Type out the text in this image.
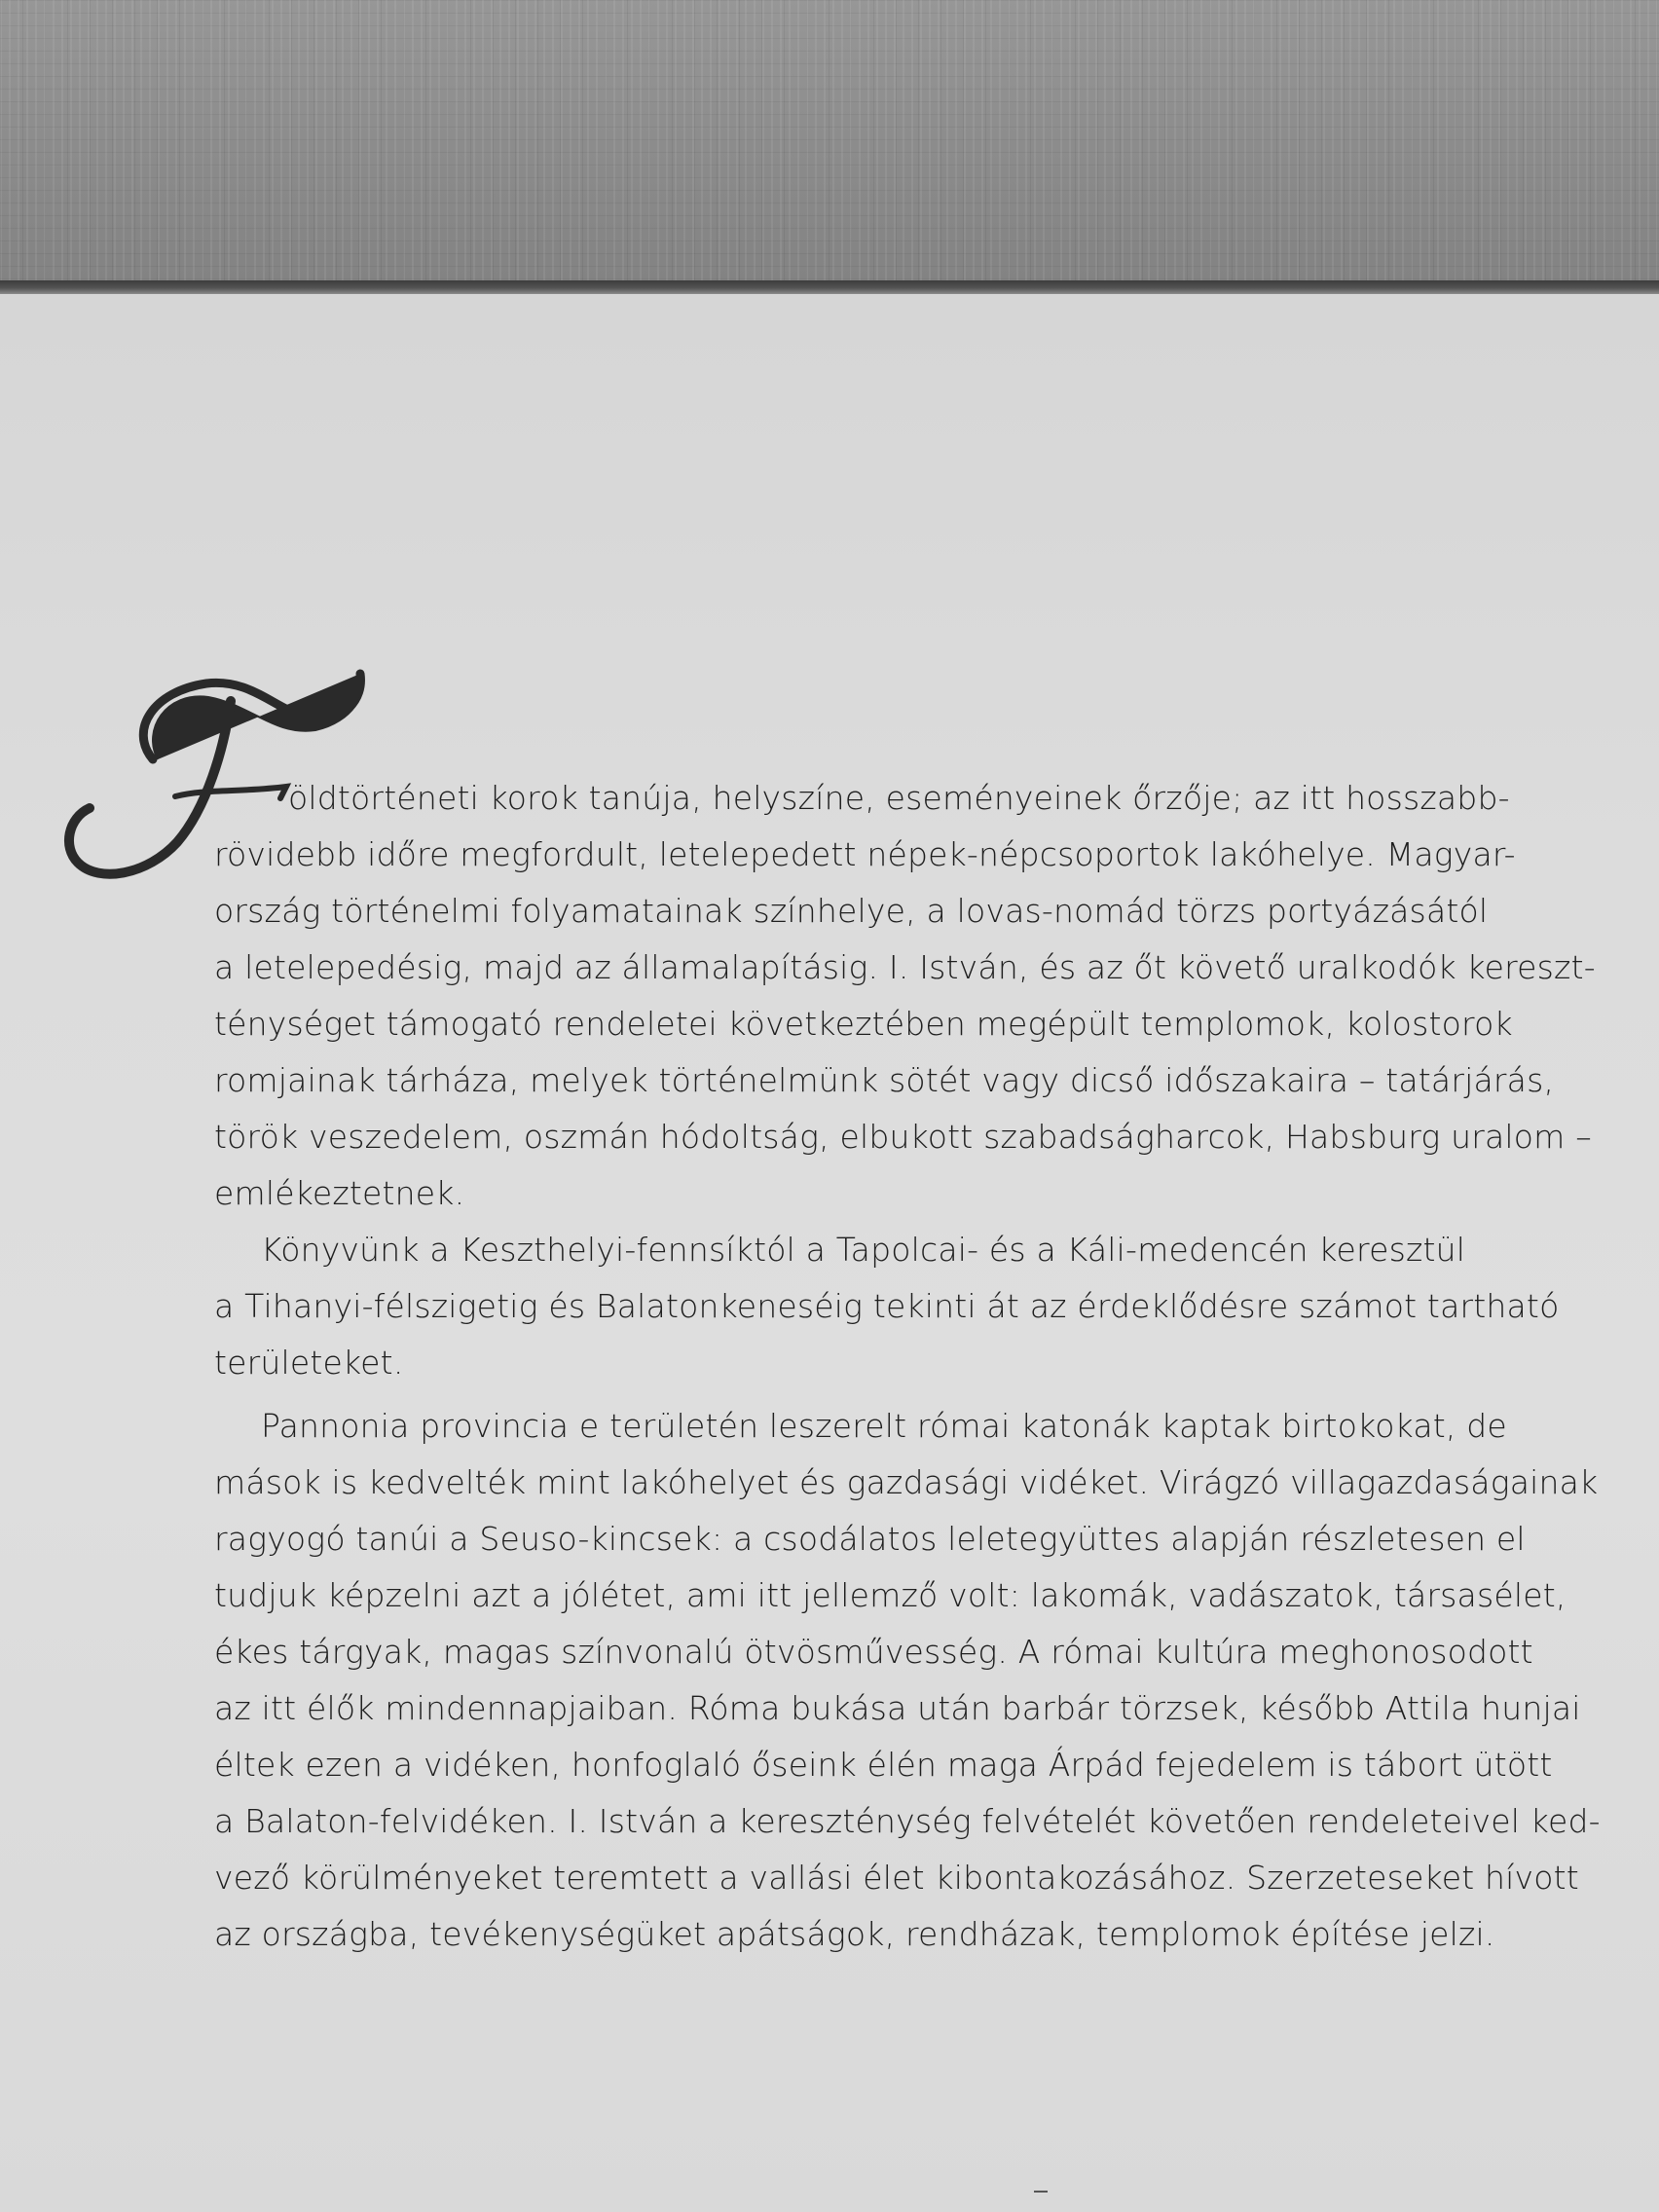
öldtörténeti korok tanúja, helyszíne, eseményeinek őrzője; az itt hosszabb-
rövidebb időre megfordult, letelepedett népek-népcsoportok lakóhelye. Magyar-
ország történelmi folyamatainak színhelye, a lovas-nomád törzs portyázásától
a letelepedésig, majd az államalapításig. I. István, és az őt követő uralkodók kereszt-
ténységet támogató rendeletei következtében megépült templomok, kolostorok
romjainak tárháza, melyek történelmünk sötét vagy dicső időszakaira – tatárjárás,
török veszedelem, oszmán hódoltság, elbukott szabadságharcok, Habsburg uralom –
emlékeztetnek.
Könyvünk a Keszthelyi-fennsíktól a Tapolcai- és a Káli-medencén keresztül
a Tihanyi-félszigetig és Balatonkeneséig tekinti át az érdeklődésre számot tartható
területeket.
Pannonia provincia e területén leszerelt római katonák kaptak birtokokat, de
mások is kedvelték mint lakóhelyet és gazdasági vidéket. Virágzó villagazdaságainak
ragyogó tanúi a Seuso-kincsek: a csodálatos leletegyüttes alapján részletesen el
tudjuk képzelni azt a jólétet, ami itt jellemző volt: lakomák, vadászatok, társasélet,
ékes tárgyak, magas színvonalú ötvösművesség. A római kultúra meghonosodott
az itt élők mindennapjaiban. Róma bukása után barbár törzsek, később Attila hunjai
éltek ezen a vidéken, honfoglaló őseink élén maga Árpád fejedelem is tábort ütött
a Balaton-felvidéken. I. István a kereszténység felvételét követően rendeleteivel ked-
vező körülményeket teremtett a vallási élet kibontakozásához. Szerzeteseket hívott
az országba, tevékenységüket apátságok, rendházak, templomok építése jelzi.
